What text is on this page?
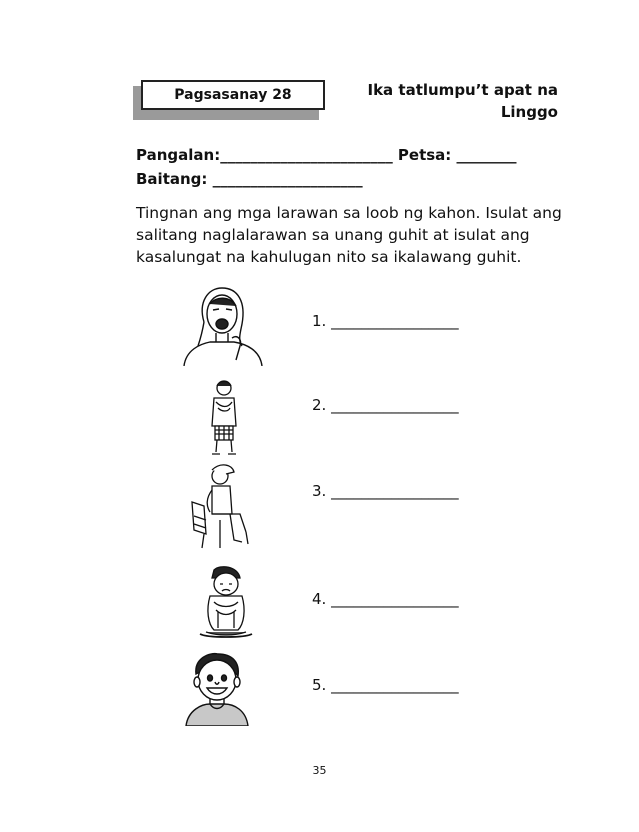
Pagsasanay 28	Ika tatlumpu’t apat na
Linggo
Pangalan:_______________________ Petsa: ________
Baitang: ____________________
Tingnan ang mga larawan sa loob ng kahon. Isulat ang salitang naglalarawan sa unang guhit at isulat ang kasalungat na kahulugan nito sa ikalawang guhit.
1. _________________
2. _________________
3. _________________
4. _________________
5. _________________
35
